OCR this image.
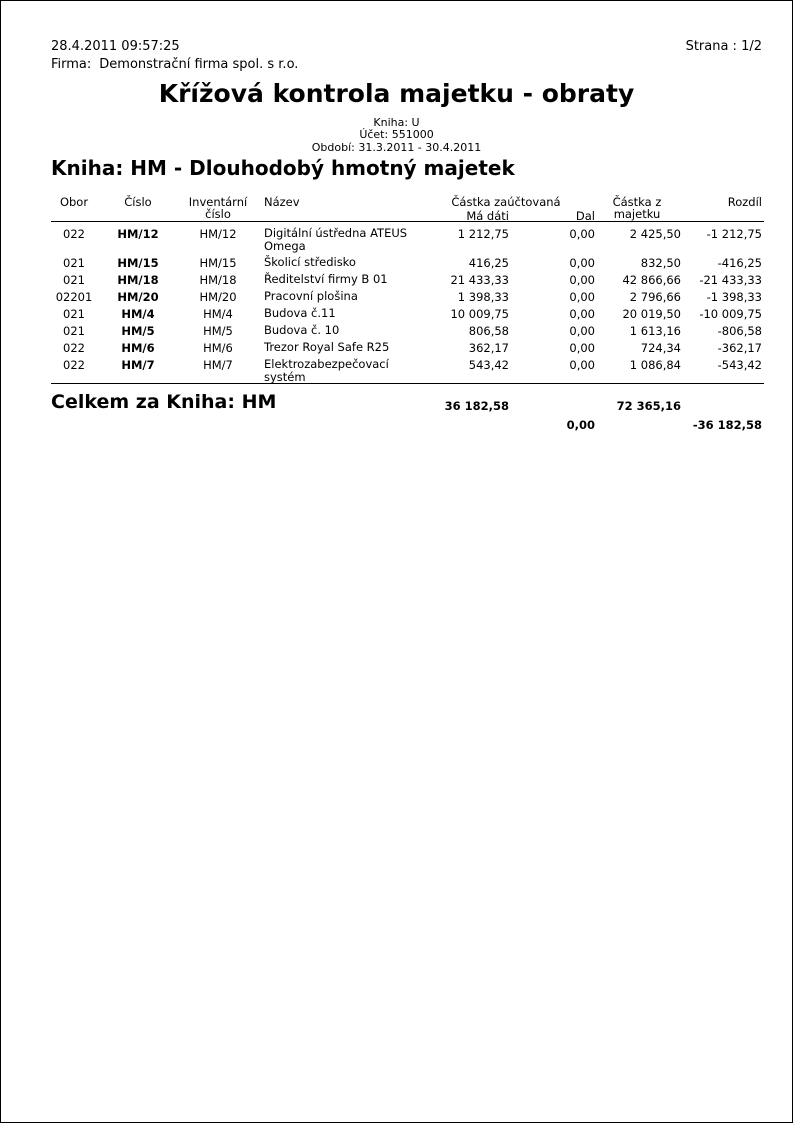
28.4.2011 09:57:25	Strana : 1/2
Firma: Demonstrační firma spol. s r.o.
Křížová kontrola majetku - obraty
Kniha: U
Účet: 551000
Období: 31.3.2011 - 30.4.2011
Kniha: HM - Dlouhodobý hmotný majetek
Obor	Číslo	Inventární
číslo
Název	Částka zaúčtovaná
Má dáti	Dal
Částka z
majetku
Rozdíl
022	HM/12	HM/12	Digitální ústředna ATEUS Omega
1 212,75	0,00	2 425,50	-1 212,75
021	HM/15	HM/15	Školicí středisko	416,25	0,00	832,50	-416,25
021	HM/18	HM/18	Ředitelství firmy B 01	21 433,33	0,00	42 866,66	-21 433,33
02201	HM/20	HM/20	Pracovní plošina	1 398,33	0,00	2 796,66	-1 398,33
021	HM/4	HM/4	Budova č.11	10 009,75	0,00	20 019,50	-10 009,75
021	HM/5	HM/5	Budova č. 10	806,58	0,00	1 613,16	-806,58
022	HM/6	HM/6	Trezor Royal Safe R25	362,17	0,00	724,34	-362,17
022	HM/7	HM/7	Elektrozabezpečovací systém
543,42	0,00	1 086,84	-543,42
Celkem za Kniha: HM	36 182,58	72 365,16
0,00	-36 182,58
